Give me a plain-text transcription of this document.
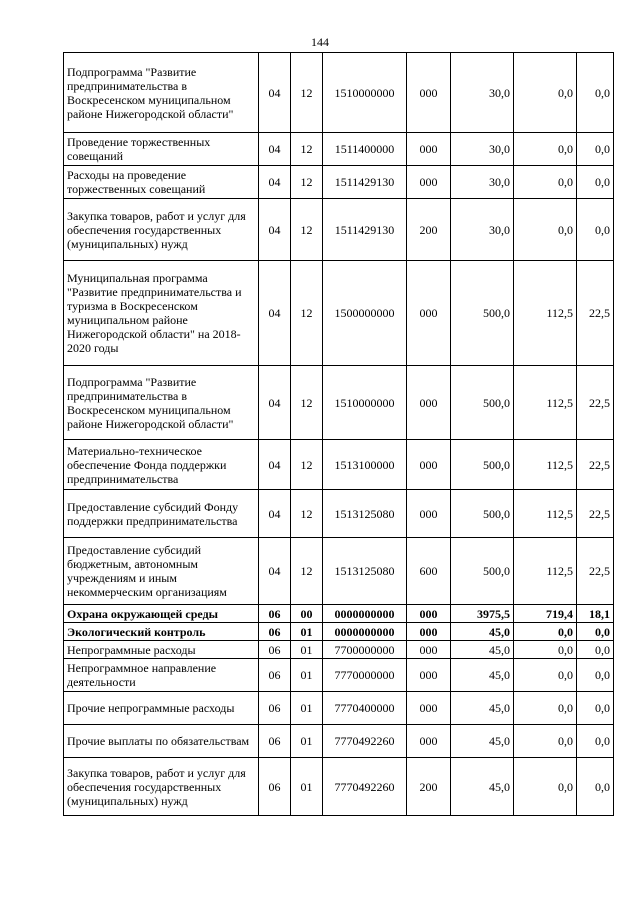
144
Подпрограмма "Развитие предпринимательства в Воскресенском муниципальном районе Нижегородской области"	04	12	1510000000	000	30,0	0,0	0,0
Проведение торжественных совещаний	04	12	1511400000	000	30,0	0,0	0,0
Расходы на проведение торжественных совещаний	04	12	1511429130	000	30,0	0,0	0,0
Закупка товаров, работ и услуг для обеспечения государственных (муниципальных) нужд	04	12	1511429130	200	30,0	0,0	0,0
Муниципальная программа "Развитие предпринимательства и туризма в Воскресенском муниципальном районе Нижегородской области" на 2018-2020 годы	04	12	1500000000	000	500,0	112,5	22,5
Подпрограмма "Развитие предпринимательства в Воскресенском муниципальном районе Нижегородской области"	04	12	1510000000	000	500,0	112,5	22,5
Материально-техническое обеспечение Фонда поддержки предпринимательства	04	12	1513100000	000	500,0	112,5	22,5
Предоставление субсидий Фонду поддержки предпринимательства	04	12	1513125080	000	500,0	112,5	22,5
Предоставление субсидий бюджетным, автономным учреждениям и иным некоммерческим организациям	04	12	1513125080	600	500,0	112,5	22,5
Охрана окружающей среды	06	00	0000000000	000	3975,5	719,4	18,1
Экологический контроль	06	01	0000000000	000	45,0	0,0	0,0
Непрограммные расходы	06	01	7700000000	000	45,0	0,0	0,0
Непрограммное направление деятельности	06	01	7770000000	000	45,0	0,0	0,0
Прочие непрограммные расходы	06	01	7770400000	000	45,0	0,0	0,0
Прочие выплаты по обязательствам	06	01	7770492260	000	45,0	0,0	0,0
Закупка товаров, работ и услуг для обеспечения государственных (муниципальных) нужд	06	01	7770492260	200	45,0	0,0	0,0
